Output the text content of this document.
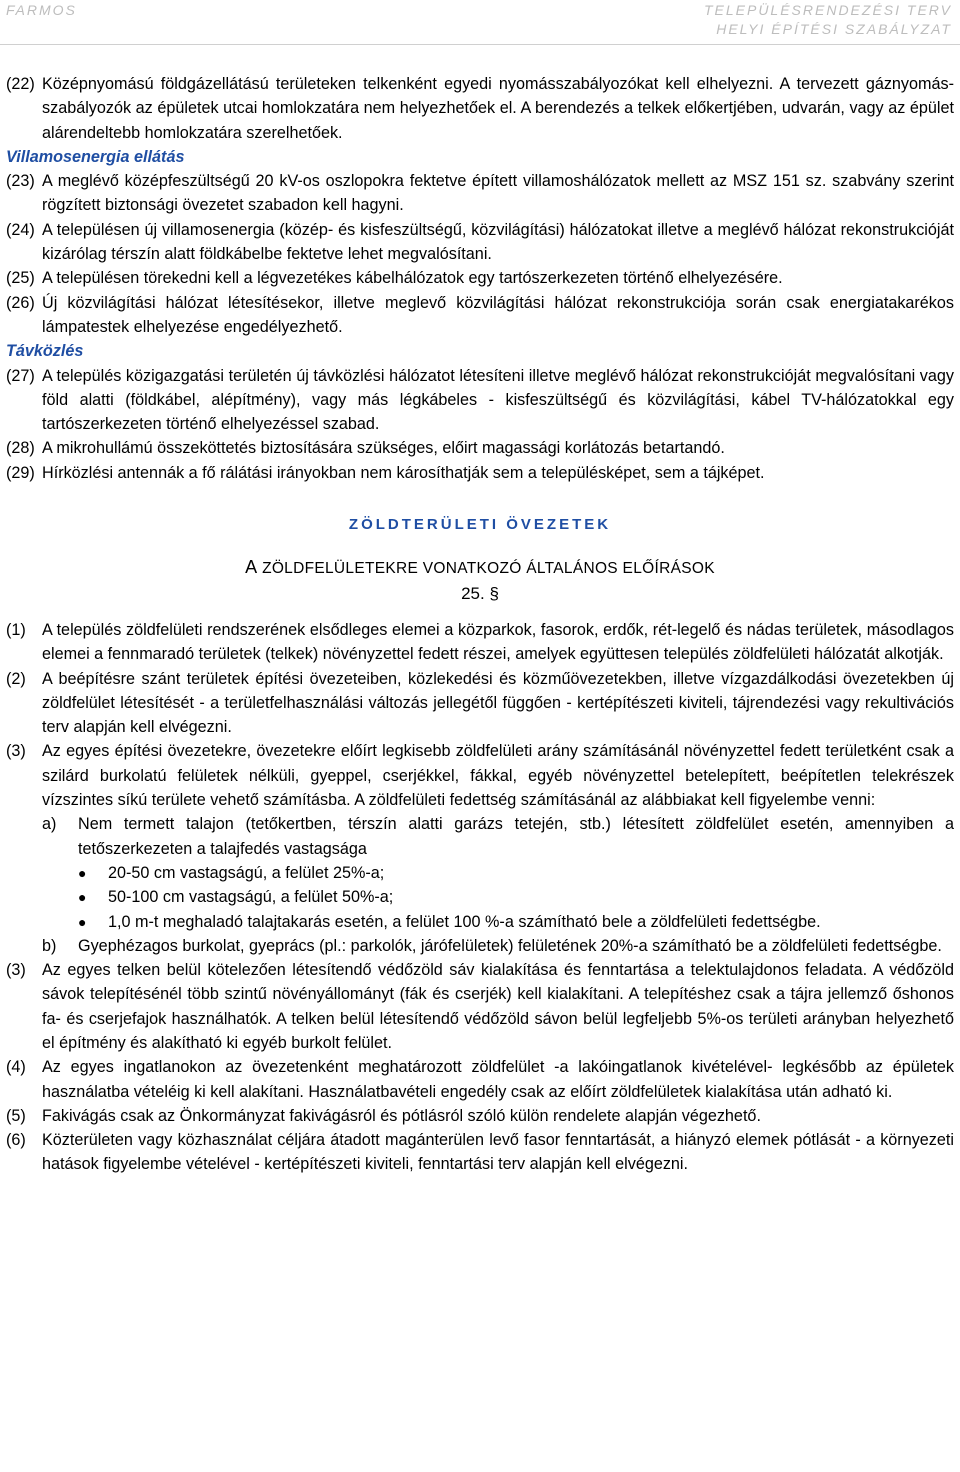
FARMOS	TELEPÜLÉSRENDEZÉSI TERV
HELYI ÉPÍTÉSI SZABÁLYZAT
(22) Középnyomású földgázellátású területeken telkenként egyedi nyomásszabályozókat kell elhelyezni. A tervezett gáznyomás-szabályozók az épületek utcai homlokzatára nem helyezhetőek el. A berendezés a telkek előkertjében, udvarán, vagy az épület alárendeltebb homlokzatára szerelhetőek.
Villamosenergia ellátás
(23) A meglévő középfeszültségű 20 kV-os oszlopokra fektetve épített villamoshálózatok mellett az MSZ 151 sz. szabvány szerint rögzített biztonsági övezetet szabadon kell hagyni.
(24) A településen új villamosenergia (közép- és kisfeszültségű, közvilágítási) hálózatokat illetve a meglévő hálózat rekonstrukcióját kizárólag térszín alatt földkábelbe fektetve lehet megvalósítani.
(25) A településen törekedni kell a légvezetékes kábelhálózatok egy tartószerkezeten történő elhelyezésére.
(26) Új közvilágítási hálózat létesítésekor, illetve meglevő közvilágítási hálózat rekonstrukciója során csak energiatakarékos lámpatestek elhelyezése engedélyezhető.
Távközlés
(27) A település közigazgatási területén új távközlési hálózatot létesíteni illetve meglévő hálózat rekonstrukcióját megvalósítani vagy föld alatti (földkábel, alépítmény), vagy más légkábeles - kisfeszültségű és közvilágítási, kábel TV-hálózatokkal egy tartószerkezeten történő elhelyezéssel szabad.
(28) A mikrohullámú összeköttetés biztosítására szükséges, előirt magassági korlátozás betartandó.
(29) Hírközlési antennák a fő rálátási irányokban nem károsíthatják sem a településképet, sem a tájképet.
ZÖLDTERÜLETI ÖVEZETEK
A ZÖLDFELÜLETEKRE VONATKOZÓ ÁLTALÁNOS ELŐÍRÁSOK
25. §
(1)	A település zöldfelületi rendszerének elsődleges elemei a közparkok, fasorok, erdők, rét-legelő és nádas területek, másodlagos elemei a fennmaradó területek (telkek) növényzettel fedett részei, amelyek együttesen település zöldfelületi hálózatát alkotják.
(2)	A beépítésre szánt területek építési övezeteiben, közlekedési és közműövezetekben, illetve vízgazdálkodási övezetekben új zöldfelület létesítését - a területfelhasználási változás jellegétől függően - kertépítészeti kiviteli, tájrendezési vagy rekultivációs terv alapján kell elvégezni.
(3)	Az egyes építési övezetekre, övezetekre előírt legkisebb zöldfelületi arány számításánál növényzettel fedett területként csak a szilárd burkolatú felületek nélküli, gyeppel, cserjékkel, fákkal, egyéb növényzettel betelepített, beépítetlen telekrészek vízszintes síkú területe vehető számításba. A zöldfelületi fedettség számításánál az alábbiakat kell figyelembe venni:
a)	Nem termett talajon (tetőkertben, térszín alatti garázs tetején, stb.) létesített zöldfelület esetén, amennyiben a tetőszerkezeten a talajfedés vastagsága
●	20-50 cm vastagságú, a felület 25%-a;
●	50-100 cm vastagságú, a felület 50%-a;
●	1,0 m-t meghaladó talajtakarás esetén, a felület 100 %-a számítható bele a zöldfelületi fedettségbe.
b)	Gyephézagos burkolat, gyeprács (pl.: parkolók, járófelületek) felületének 20%-a számítható be a zöldfelületi fedettségbe.
(3)	Az egyes telken belül kötelezően létesítendő védőzöld sáv kialakítása és fenntartása a telektulajdonos feladata. A védőzöld sávok telepítésénél több szintű növényállományt (fák és cserjék) kell kialakítani. A telepítéshez csak a tájra jellemző őshonos fa- és cserjefajok használhatók. A telken belül létesítendő védőzöld sávon belül legfeljebb 5%-os területi arányban helyezhető el építmény és alakítható ki egyéb burkolt felület.
(4)	Az egyes ingatlanokon az övezetenként meghatározott zöldfelület -a lakóingatlanok kivételével- legkésőbb az épületek használatba vételéig ki kell alakítani. Használatbavételi engedély csak az előírt zöldfelületek kialakítása után adható ki.
(5)	Fakivágás csak az Önkormányzat fakivágásról és pótlásról szóló külön rendelete alapján végezhető.
(6)	Közterületen vagy közhasználat céljára átadott magánterülen levő fasor fenntartását, a hiányzó elemek pótlását - a környezeti hatások figyelembe vételével - kertépítészeti kiviteli, fenntartási terv alapján kell elvégezni.
